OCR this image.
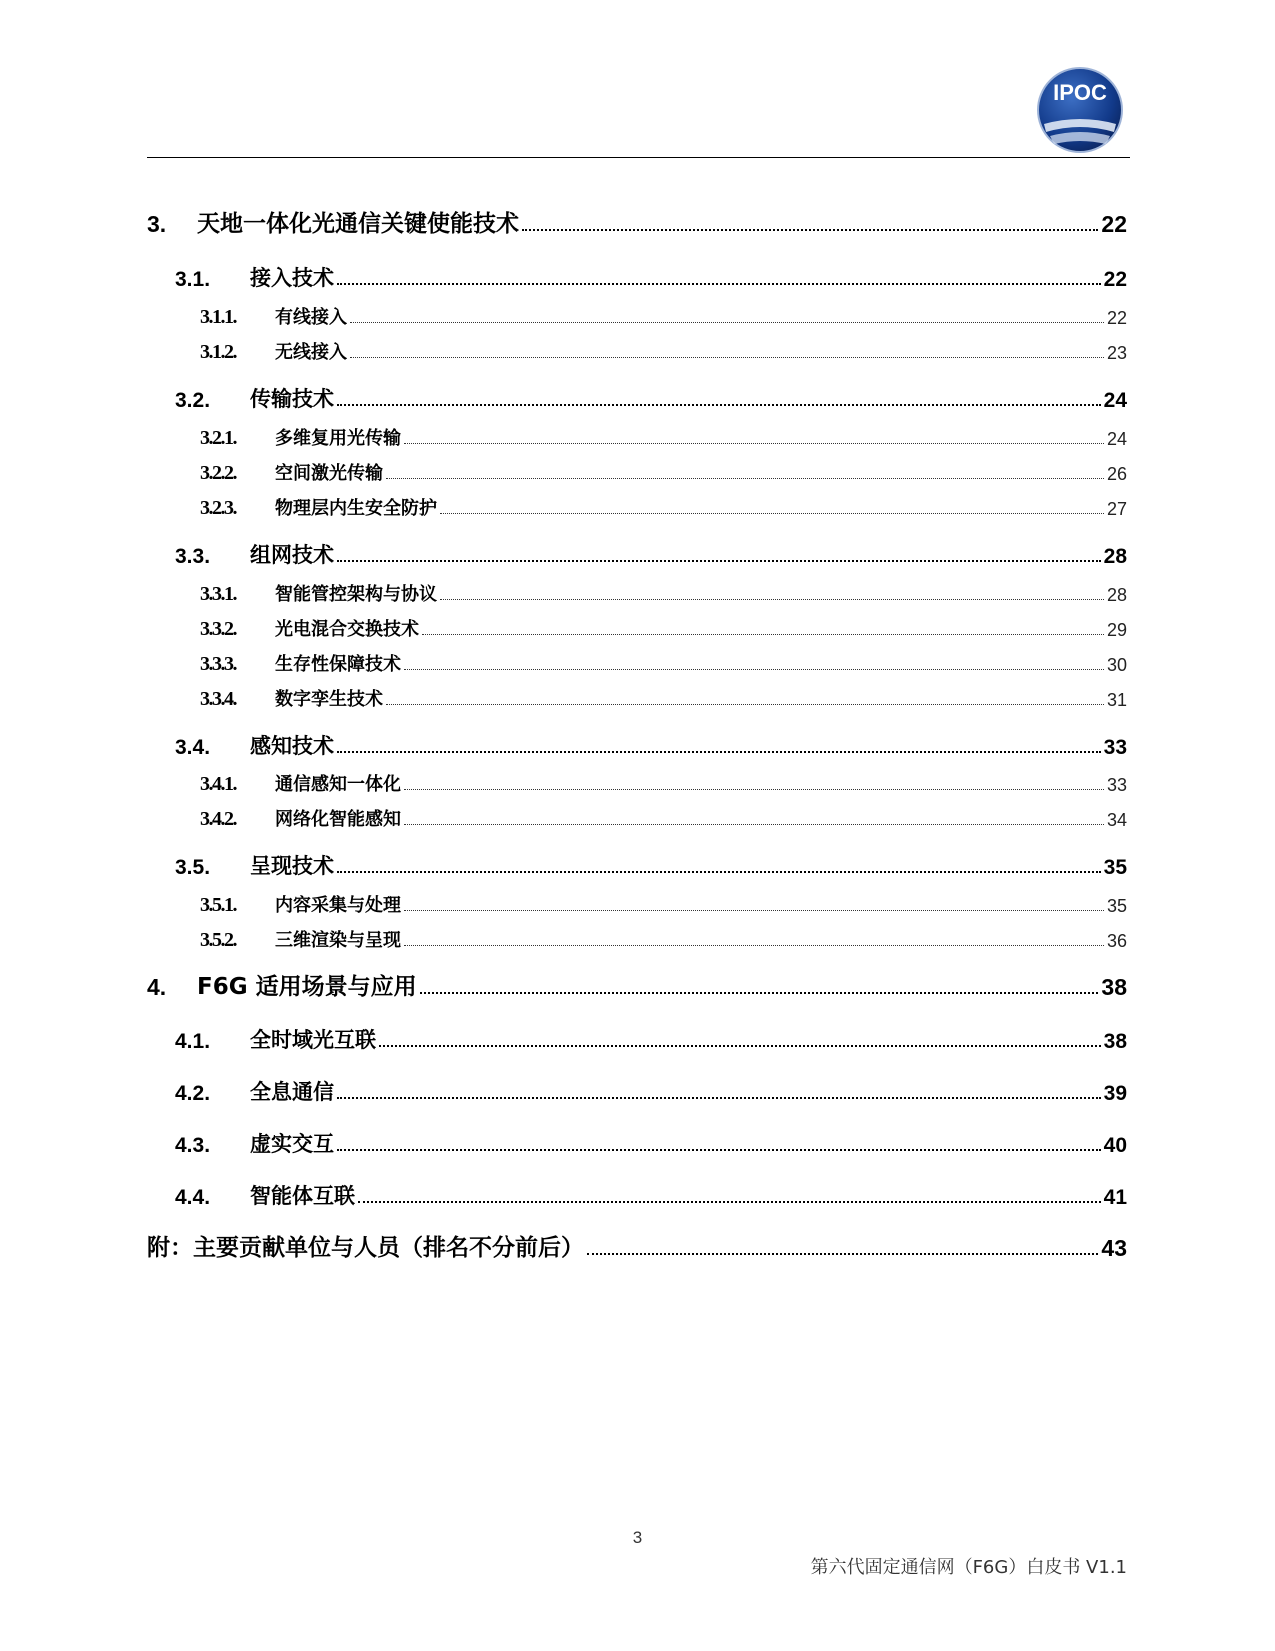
IPOC
3.	天地一体化光通信关键使能技术	22
3.1.	接入技术	22
3.1.1.	有线接入	22
3.1.2.	无线接入	23
3.2.	传输技术	24
3.2.1.	多维复用光传输	24
3.2.2.	空间激光传输	26
3.2.3.	物理层内生安全防护	27
3.3.	组网技术	28
3.3.1.	智能管控架构与协议	28
3.3.2.	光电混合交换技术	29
3.3.3.	生存性保障技术	30
3.3.4.	数字孪生技术	31
3.4.	感知技术	33
3.4.1.	通信感知一体化	33
3.4.2.	网络化智能感知	34
3.5.	呈现技术	35
3.5.1.	内容采集与处理	35
3.5.2.	三维渲染与呈现	36
4.	F6G 适用场景与应用	38
4.1.	全时域光互联	38
4.2.	全息通信	39
4.3.	虚实交互	40
4.4.	智能体互联	41
附：主要贡献单位与人员（排名不分前后）	43
3
第六代固定通信网（F6G）白皮书 V1.1
